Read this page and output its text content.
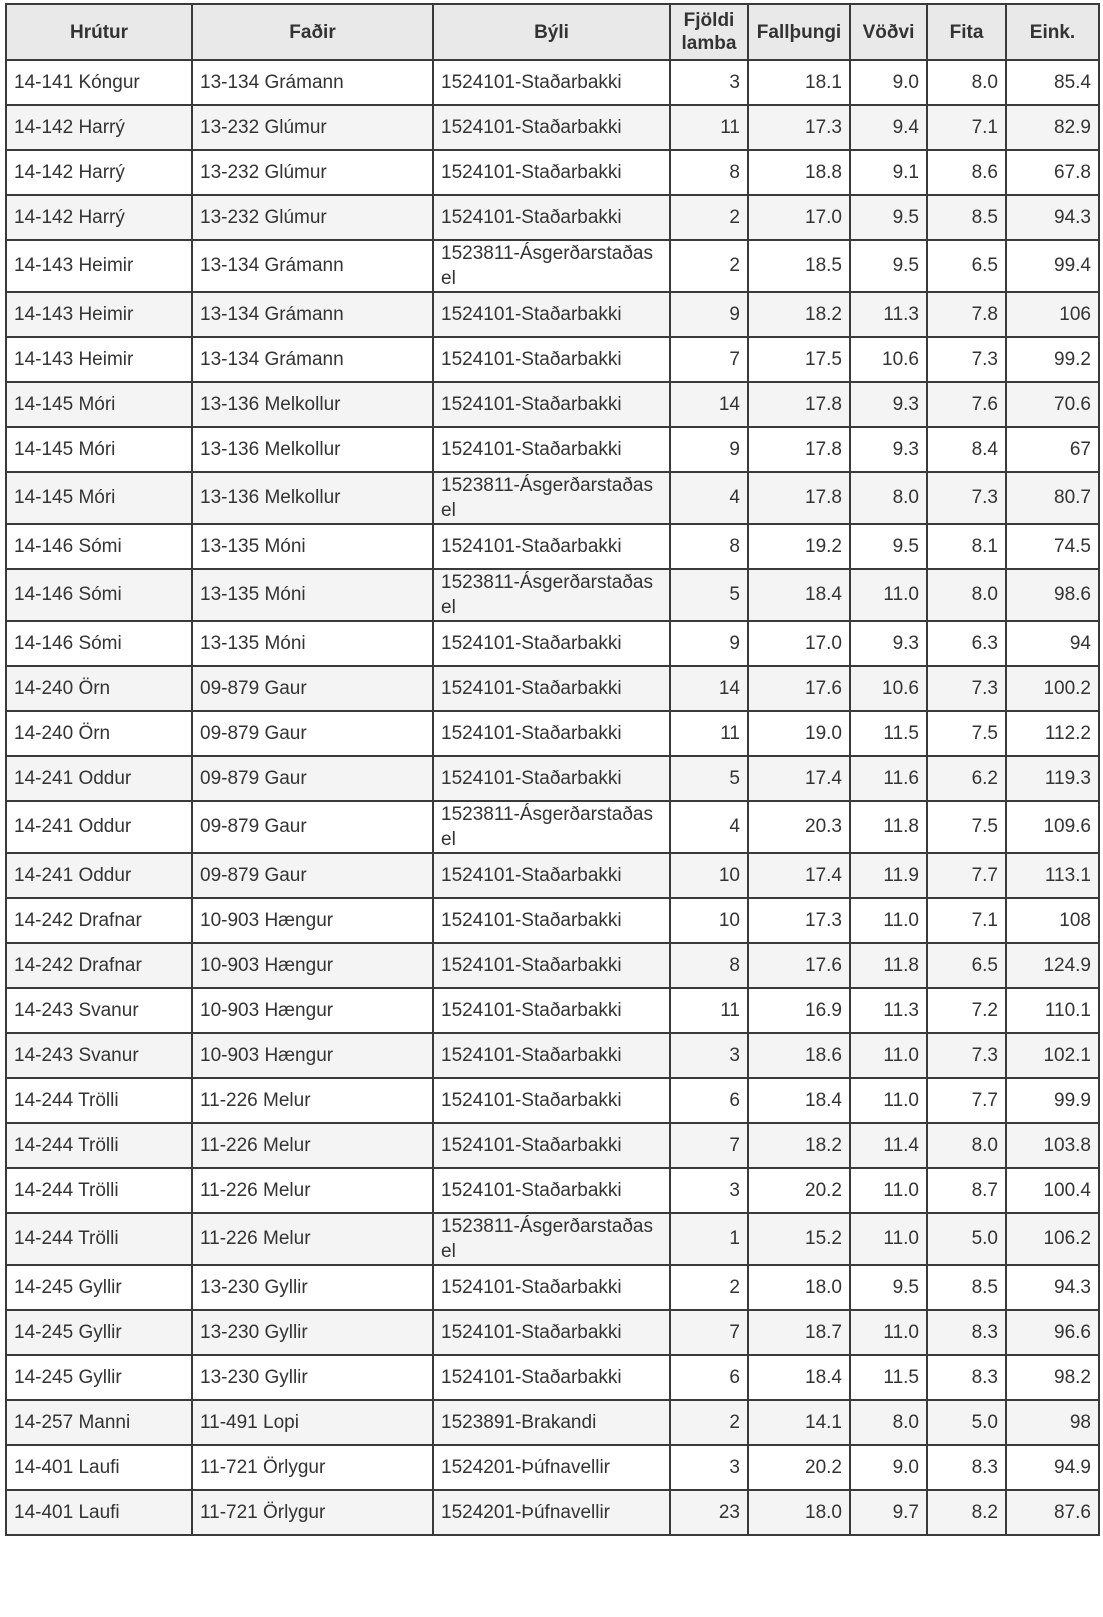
Hrútur	Faðir	Býli	Fjöldi lamba	Fallþungi	Vöðvi	Fita	Eink.
14-141 Kóngur	13-134 Grámann	1524101-Staðarbakki	3	18.1	9.0	8.0	85.4
14-142 Harrý	13-232 Glúmur	1524101-Staðarbakki	11	17.3	9.4	7.1	82.9
14-142 Harrý	13-232 Glúmur	1524101-Staðarbakki	8	18.8	9.1	8.6	67.8
14-142 Harrý	13-232 Glúmur	1524101-Staðarbakki	2	17.0	9.5	8.5	94.3
14-143 Heimir	13-134 Grámann	1523811-Ásgerðarstaðasel	2	18.5	9.5	6.5	99.4
14-143 Heimir	13-134 Grámann	1524101-Staðarbakki	9	18.2	11.3	7.8	106
14-143 Heimir	13-134 Grámann	1524101-Staðarbakki	7	17.5	10.6	7.3	99.2
14-145 Móri	13-136 Melkollur	1524101-Staðarbakki	14	17.8	9.3	7.6	70.6
14-145 Móri	13-136 Melkollur	1524101-Staðarbakki	9	17.8	9.3	8.4	67
14-145 Móri	13-136 Melkollur	1523811-Ásgerðarstaðasel	4	17.8	8.0	7.3	80.7
14-146 Sómi	13-135 Móni	1524101-Staðarbakki	8	19.2	9.5	8.1	74.5
14-146 Sómi	13-135 Móni	1523811-Ásgerðarstaðasel	5	18.4	11.0	8.0	98.6
14-146 Sómi	13-135 Móni	1524101-Staðarbakki	9	17.0	9.3	6.3	94
14-240 Örn	09-879 Gaur	1524101-Staðarbakki	14	17.6	10.6	7.3	100.2
14-240 Örn	09-879 Gaur	1524101-Staðarbakki	11	19.0	11.5	7.5	112.2
14-241 Oddur	09-879 Gaur	1524101-Staðarbakki	5	17.4	11.6	6.2	119.3
14-241 Oddur	09-879 Gaur	1523811-Ásgerðarstaðasel	4	20.3	11.8	7.5	109.6
14-241 Oddur	09-879 Gaur	1524101-Staðarbakki	10	17.4	11.9	7.7	113.1
14-242 Drafnar	10-903 Hængur	1524101-Staðarbakki	10	17.3	11.0	7.1	108
14-242 Drafnar	10-903 Hængur	1524101-Staðarbakki	8	17.6	11.8	6.5	124.9
14-243 Svanur	10-903 Hængur	1524101-Staðarbakki	11	16.9	11.3	7.2	110.1
14-243 Svanur	10-903 Hængur	1524101-Staðarbakki	3	18.6	11.0	7.3	102.1
14-244 Trölli	11-226 Melur	1524101-Staðarbakki	6	18.4	11.0	7.7	99.9
14-244 Trölli	11-226 Melur	1524101-Staðarbakki	7	18.2	11.4	8.0	103.8
14-244 Trölli	11-226 Melur	1524101-Staðarbakki	3	20.2	11.0	8.7	100.4
14-244 Trölli	11-226 Melur	1523811-Ásgerðarstaðasel	1	15.2	11.0	5.0	106.2
14-245 Gyllir	13-230 Gyllir	1524101-Staðarbakki	2	18.0	9.5	8.5	94.3
14-245 Gyllir	13-230 Gyllir	1524101-Staðarbakki	7	18.7	11.0	8.3	96.6
14-245 Gyllir	13-230 Gyllir	1524101-Staðarbakki	6	18.4	11.5	8.3	98.2
14-257 Manni	11-491 Lopi	1523891-Brakandi	2	14.1	8.0	5.0	98
14-401 Laufi	11-721 Örlygur	1524201-Þúfnavellir	3	20.2	9.0	8.3	94.9
14-401 Laufi	11-721 Örlygur	1524201-Þúfnavellir	23	18.0	9.7	8.2	87.6
